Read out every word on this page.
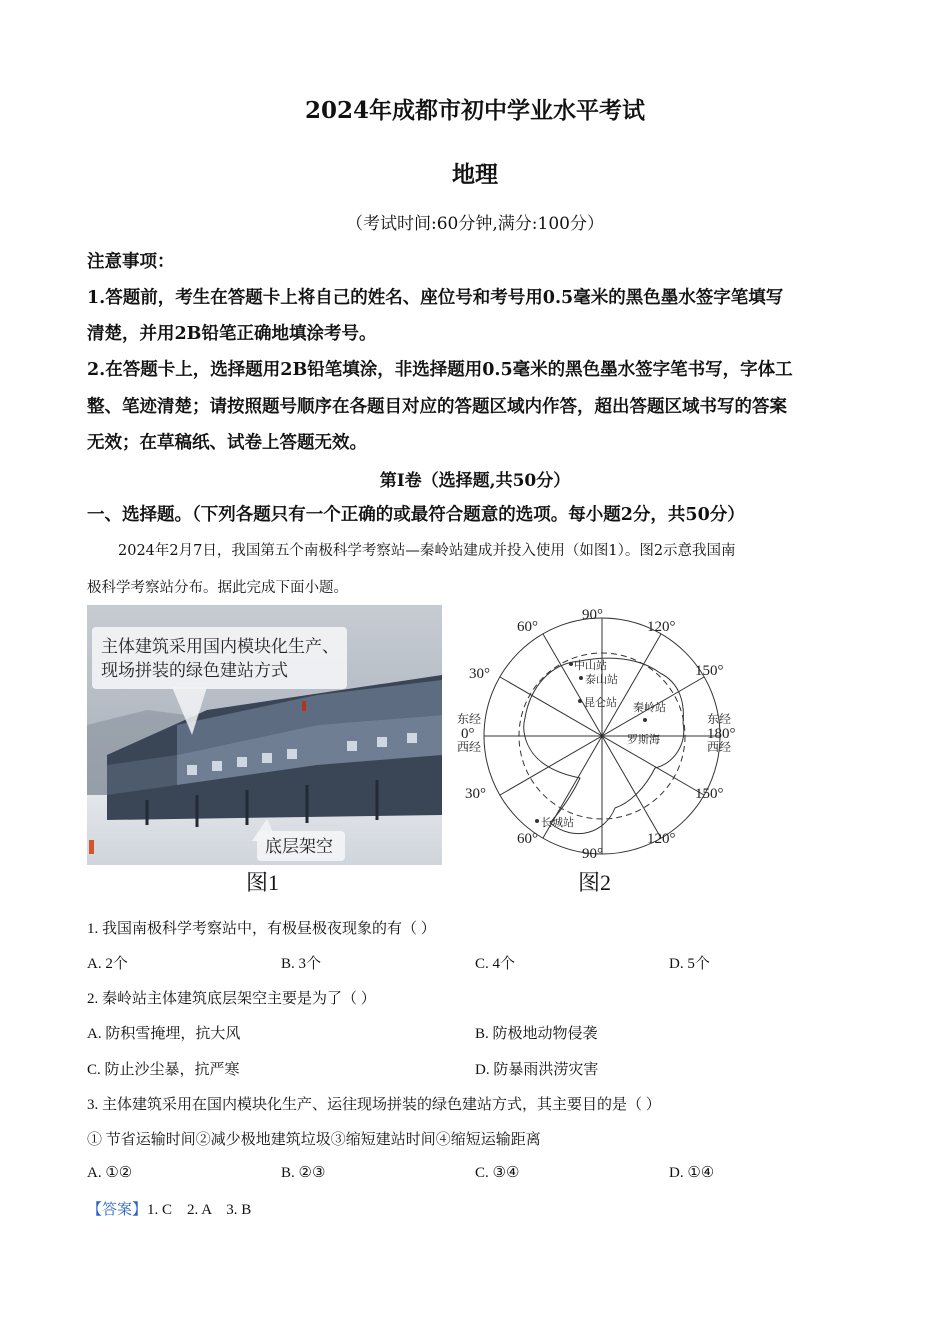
2024年成都市初中学业水平考试
地理
（考试时间:60分钟,满分:100分）
注意事项：
1.答题前，考生在答题卡上将自己的姓名、座位号和考号用0.5毫米的黑色墨水签字笔填写
清楚，并用2B铅笔正确地填涂考号。
2.在答题卡上，选择题用2B铅笔填涂，非选择题用0.5毫米的黑色墨水签字笔书写，字体工
整、笔迹清楚；请按照题号顺序在各题目对应的答题区域内作答，超出答题区域书写的答案
无效；在草稿纸、试卷上答题无效。
第Ⅰ卷（选择题,共50分）
一、选择题。（下列各题只有一个正确的或最符合题意的选项。每小题2分，共50分）
2024年2月7日，我国第五个南极科学考察站—秦岭站建成并投入使用（如图1）。图2示意我国南
极科学考察站分布。据此完成下面小题。
主体建筑采用国内模块化生产、
现场拼装的绿色建站方式
底层架空
图1
60°
90°
120°
30°	150°
东经
0°
西经
东经
180°
西经
30°	150°
60°
90°
120°
中山站
泰山站
昆仑站 秦岭站
罗斯海
长城站
图2
1. 我国南极科学考察站中，有极昼极夜现象的有（ ）
A. 2个	B. 3个	C. 4个	D. 5个
2. 秦岭站主体建筑底层架空主要是为了（ ）
A. 防积雪掩埋，抗大风	B. 防极地动物侵袭
C. 防止沙尘暴，抗严寒	D. 防暴雨洪涝灾害
3. 主体建筑采用在国内模块化生产、运往现场拼装的绿色建站方式，其主要目的是（ ）
① 节省运输时间②减少极地建筑垃圾③缩短建站时间④缩短运输距离
A. ①②	B. ②③	C. ③④	D. ①④
【答案】1. C    2. A    3. B
